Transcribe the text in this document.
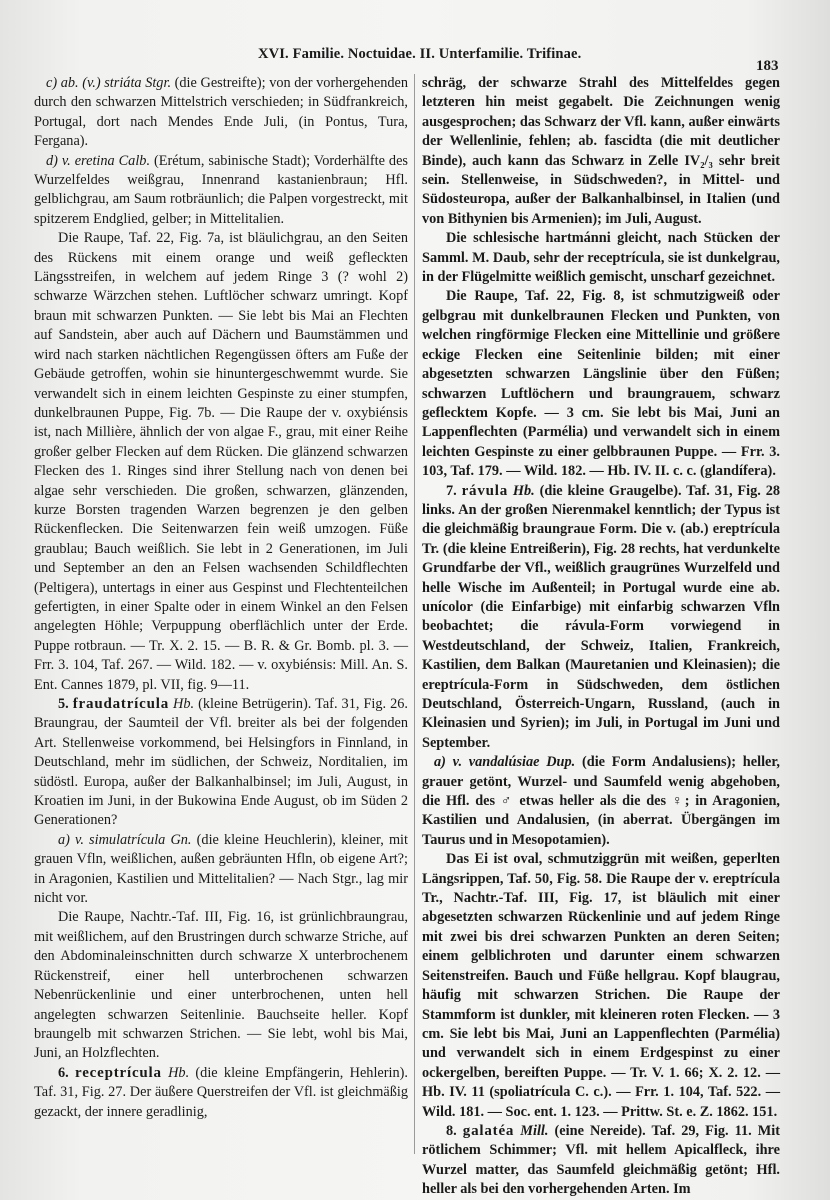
XVI. Familie. Noctuidae. II. Unterfamilie. Trifinae.
183

c) ab. (v.) striáta Stgr. (die Gestreifte); von der vorhergehenden durch den schwarzen Mittelstrich verschieden; in Südfrankreich, Portugal, dort nach Mendes Ende Juli, (in Pontus, Tura, Fergana).

d) v. eretina Calb. (Erétum, sabinische Stadt); Vorderhälfte des Wurzelfeldes weißgrau, Innenrand kastanienbraun; Hfl. gelblichgrau, am Saum rotbräunlich; die Palpen vorgestreckt, mit spitzerem Endglied, gelber; in Mittelitalien.

Die Raupe, Taf. 22, Fig. 7a, ist bläulichgrau, an den Seiten des Rückens mit einem orange und weiß gefleckten Längsstreifen, in welchem auf jedem Ringe 3 (? wohl 2) schwarze Wärzchen stehen. Luftlöcher schwarz umringt. Kopf braun mit schwarzen Punkten. — Sie lebt bis Mai an Flechten auf Sandstein, aber auch auf Dächern und Baumstämmen und wird nach starken nächtlichen Regengüssen öfters am Fuße der Gebäude getroffen, wohin sie hinuntergeschwemmt wurde. Sie verwandelt sich in einem leichten Gespinste zu einer stumpfen, dunkelbraunen Puppe, Fig. 7b. — Die Raupe der v. oxybiénsis ist, nach Millière, ähnlich der von algae F., grau, mit einer Reihe großer gelber Flecken auf dem Rücken. Die glänzend schwarzen Flecken des 1. Ringes sind ihrer Stellung nach von denen bei algae sehr verschieden. Die großen, schwarzen, glänzenden, kurze Borsten tragenden Warzen begrenzen je den gelben Rückenflecken. Die Seitenwarzen fein weiß umzogen. Füße graublau; Bauch weißlich. Sie lebt in 2 Generationen, im Juli und September an den an Felsen wachsenden Schildflechten (Peltigera), untertags in einer aus Gespinst und Flechtenteilchen gefertigten, in einer Spalte oder in einem Winkel an den Felsen angelegten Höhle; Verpuppung oberflächlich unter der Erde. Puppe rotbraun. — Tr. X. 2. 15. — B. R. & Gr. Bomb. pl. 3. — Frr. 3. 104, Taf. 267. — Wild. 182. — v. oxybiénsis: Mill. An. S. Ent. Cannes 1879, pl. VII, fig. 9—11.

5. fraudatrícula Hb. (kleine Betrügerin). Taf. 31, Fig. 26. Braungrau, der Saumteil der Vfl. breiter als bei der folgenden Art. Stellenweise vorkommend, bei Helsingfors in Finnland, in Deutschland, mehr im südlichen, der Schweiz, Norditalien, im südöstl. Europa, außer der Balkanhalbinsel; im Juli, August, in Kroatien im Juni, in der Bukowina Ende August, ob im Süden 2 Generationen?

a) v. simulatrícula Gn. (die kleine Heuchlerin), kleiner, mit grauen Vfln, weißlichen, außen gebräunten Hfln, ob eigene Art?; in Aragonien, Kastilien und Mittelitalien? — Nach Stgr., lag mir nicht vor.

Die Raupe, Nachtr.-Taf. III, Fig. 16, ist grünlichbraungrau, mit weißlichem, auf den Brustringen durch schwarze Striche, auf den Abdominaleinschnitten durch schwarze X unterbrochenem Rückenstreif, einer hell unterbrochenen schwarzen Nebenrückenlinie und einer unterbrochenen, unten hell angelegten schwarzen Seitenlinie. Bauchseite heller. Kopf braungelb mit schwarzen Strichen. — Sie lebt, wohl bis Mai, Juni, an Holzflechten.

6. receptrícula Hb. (die kleine Empfängerin, Hehlerin). Taf. 31, Fig. 27. Der äußere Querstreifen der Vfl. ist gleichmäßig gezackt, der innere geradlinig,

schräg, der schwarze Strahl des Mittelfeldes gegen letzteren hin meist gegabelt. Die Zeichnungen wenig ausgesprochen; das Schwarz der Vfl. kann, außer einwärts der Wellenlinie, fehlen; ab. fascidta (die mit deutlicher Binde), auch kann das Schwarz in Zelle IV₂/₃ sehr breit sein. Stellenweise, in Südschweden?, in Mittel- und Südosteuropa, außer der Balkanhalbinsel, in Italien (und von Bithynien bis Armenien); im Juli, August.

Die schlesische hartmánni gleicht, nach Stücken der Samml. M. Daub, sehr der receptrícula, sie ist dunkelgrau, in der Flügelmitte weißlich gemischt, unscharf gezeichnet.

Die Raupe, Taf. 22, Fig. 8, ist schmutzigweiß oder gelbgrau mit dunkelbraunen Flecken und Punkten, von welchen ringförmige Flecken eine Mittellinie und größere eckige Flecken eine Seitenlinie bilden; mit einer abgesetzten schwarzen Längslinie über den Füßen; schwarzen Luftlöchern und braungrauem, schwarz geflecktem Kopfe. — 3 cm. Sie lebt bis Mai, Juni an Lappenflechten (Parmélia) und verwandelt sich in einem leichten Gespinste zu einer gelbbraunen Puppe. — Frr. 3. 103, Taf. 179. — Wild. 182. — Hb. IV. II. c. c. (glandífera).

7. rávula Hb. (die kleine Graugelbe). Taf. 31, Fig. 28 links. An der großen Nierenmakel kenntlich; der Typus ist die gleichmäßig braungraue Form. Die v. (ab.) ereptrícula Tr. (die kleine Entreißerin), Fig. 28 rechts, hat verdunkelte Grundfarbe der Vfl., weißlich graugrünes Wurzelfeld und helle Wische im Außenteil; in Portugal wurde eine ab. unícolor (die Einfarbige) mit einfarbig schwarzen Vfln beobachtet; die rávula-Form vorwiegend in Westdeutschland, der Schweiz, Italien, Frankreich, Kastilien, dem Balkan (Mauretanien und Kleinasien); die ereptrícula-Form in Südschweden, dem östlichen Deutschland, Österreich-Ungarn, Russland, (auch in Kleinasien und Syrien); im Juli, in Portugal im Juni und September.

a) v. vandalúsiae Dup. (die Form Andalusiens); heller, grauer getönt, Wurzel- und Saumfeld wenig abgehoben, die Hfl. des ♂ etwas heller als die des ♀; in Aragonien, Kastilien und Andalusien, (in aberrat. Übergängen im Taurus und in Mesopotamien).

Das Ei ist oval, schmutziggrün mit weißen, geperlten Längsrippen, Taf. 50, Fig. 58. Die Raupe der v. ereptrícula Tr., Nachtr.-Taf. III, Fig. 17, ist bläulich mit einer abgesetzten schwarzen Rückenlinie und auf jedem Ringe mit zwei bis drei schwarzen Punkten an deren Seiten; einem gelblichroten und darunter einem schwarzen Seitenstreifen. Bauch und Füße hellgrau. Kopf blaugrau, häufig mit schwarzen Strichen. Die Raupe der Stammform ist dunkler, mit kleineren roten Flecken. — 3 cm. Sie lebt bis Mai, Juni an Lappenflechten (Parmélia) und verwandelt sich in einem Erdgespinst zu einer ockergelben, bereiften Puppe. — Tr. V. 1. 66; X. 2. 12. — Hb. IV. 11 (spoliatrícula C. c.). — Frr. 1. 104, Taf. 522. — Wild. 181. — Soc. ent. 1. 123. — Prittw. St. e. Z. 1862. 151.

8. galatéa Mill. (eine Nereide). Taf. 29, Fig. 11. Mit rötlichem Schimmer; Vfl. mit hellem Apicalfleck, ihre Wurzel matter, das Saumfeld gleichmäßig getönt; Hfl. heller als bei den vorhergehenden Arten. Im
